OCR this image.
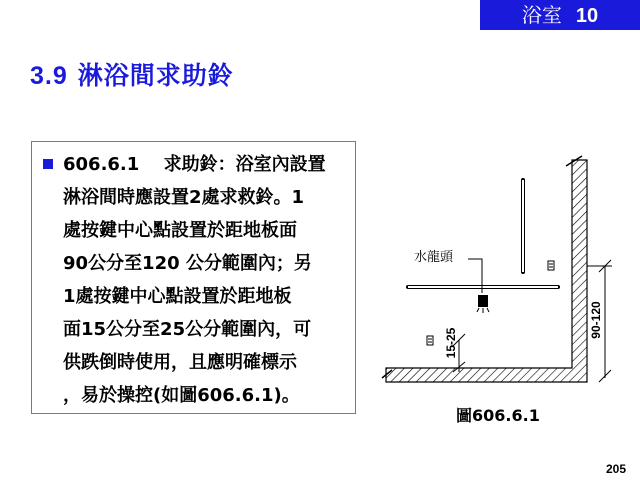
浴室 10
3.9 淋浴間求助鈴
606.6.1　 求助鈴：浴室內設置
淋浴間時應設置2處求救鈴。1
處按鍵中心點設置於距地板面
90公分至120 公分範圍內；另
1處按鍵中心點設置於距地板
面15公分至25公分範圍內，可
供跌倒時使用，且應明確標示
，易於操控(如圖606.6.1)。
水龍頭
90-120
15-25
圖606.6.1
205
